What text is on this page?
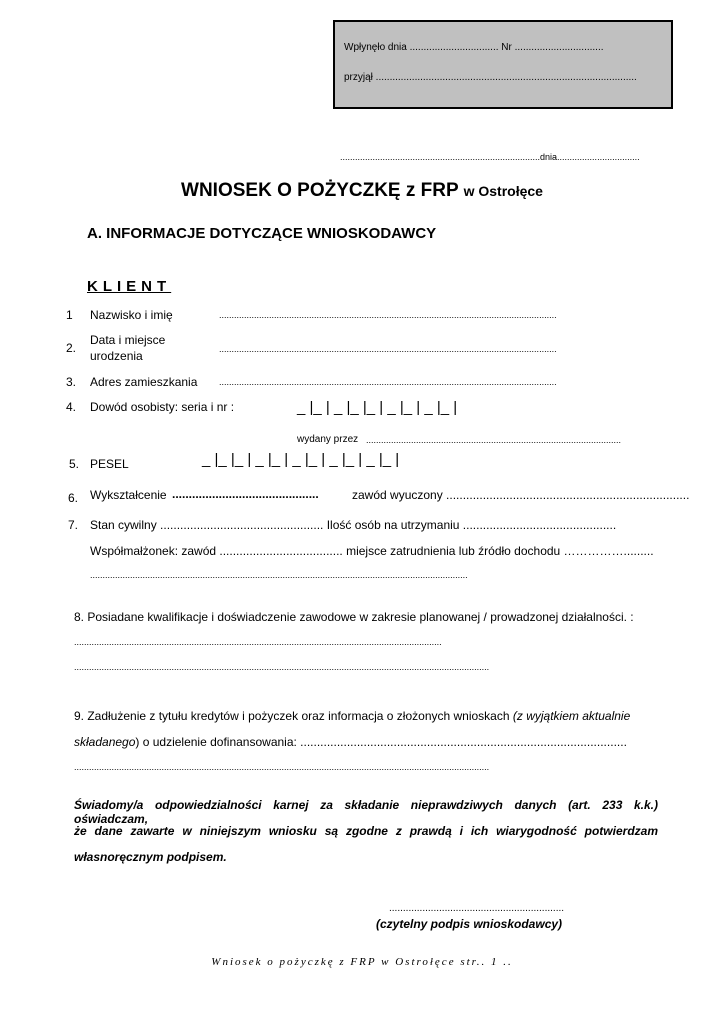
Wpłynęło dnia ................................ Nr ................................
przyjął ..............................................................................................
................................................................................dnia.................................
WNIOSEK O POŻYCZKĘ z FRP w Ostrołęce
A. INFORMACJE DOTYCZĄCE WNIOSKODAWCY
KLIENT
1 Nazwisko i imię	.......................................................................................................................................
2.
Data i miejsce
urodzenia	.......................................................................................................................................
3. Adres zamieszkania .......................................................................................................................................
4. Dowód osobisty: seria i nr :	_ |_ | _ |_ |_ | _ |_ | _ |_ |
wydany przez ......................................................................................................
5. PESEL	_ |_ |_ | _ |_ | _ |_ | _ |_ | _ |_ |
6. Wykształcenie ............................................	zawód wyuczony .........................................................................
7. Stan cywilny ................................................. Ilość osób na utrzymaniu ..............................................
Współmałżonek: zawód ..................................... miejsce zatrudnienia lub źródło dochodu …………….........
.......................................................................................................................................................
8. Posiadane kwalifikacje i doświadczenie zawodowe w zakresie planowanej / prowadzonej działalności. :
...................................................................................................................................................
......................................................................................................................................................................
9. Zadłużenie z tytułu kredytów i pożyczek oraz informacja o złożonych wnioskach (z wyjątkiem aktualnie
składanego) o udzielenie dofinansowania: ..................................................................................................
......................................................................................................................................................................
Świadomy/a odpowiedzialności karnej za składanie nieprawdziwych danych (art. 233 k.k.) oświadczam,
że dane zawarte w niniejszym wniosku są zgodne z prawdą i ich wiarygodność potwierdzam
własnoręcznym podpisem.
...............................................................
(czytelny podpis wnioskodawcy)
Wniosek o pożyczkę z FRP w Ostrołęce str.. 1 ..
